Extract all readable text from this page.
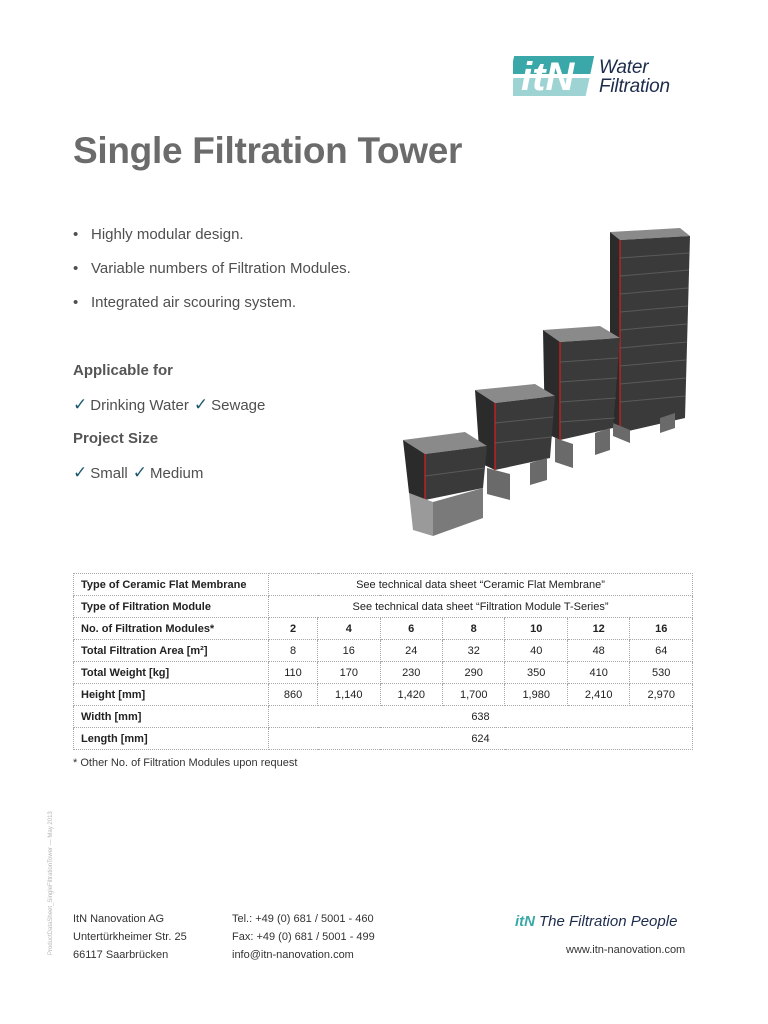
itN Water
Filtration
Single Filtration Tower
• Highly modular design.
• Variable numbers of Filtration Modules.
• Integrated air scouring system.
Applicable for
✓ Drinking Water ✓ Sewage
Project Size
✓ Small ✓ Medium
Type of Ceramic Flat Membrane	See technical data sheet “Ceramic Flat Membrane”						
Type of Filtration Module	See technical data sheet “Filtration Module T-Series”						
No. of Filtration Modules*	2	4	6	8	10	12	16
Total Filtration Area [m²]	8	16	24	32	40	48	64
Total Weight [kg]	110	170	230	290	350	410	530
Height [mm]	860	1,140	1,420	1,700	1,980	2,410	2,970
Width [mm]	638						
Length [mm]	624						
* Other No. of Filtration Modules upon request
ProductDataSheet_SingleFiltrationTower — May 2013 ItN Nanovation AG
Untertürkheimer Str. 25
66117 Saarbrücken
Tel.: +49 (0) 681 / 5001 - 460
Fax: +49 (0) 681 / 5001 - 499
info@itn-nanovation.com
itN The Filtration People
www.itn-nanovation.com
